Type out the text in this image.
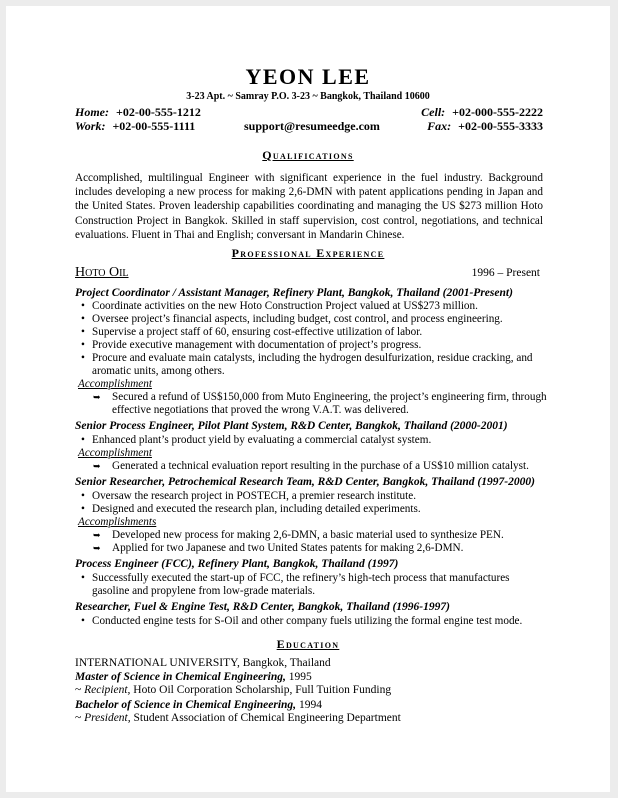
YEON LEE
3-23 Apt. ~ Samray P.O. 3-23 ~ Bangkok, Thailand 10600
Home: +02-00-555-1212
Work: +02-00-555-1111	support@resumeedge.com
Cell: +02-000-555-2222
Fax: +02-00-555-3333
Qualifications
Accomplished, multilingual Engineer with significant experience in the fuel industry. Background includes developing a new process for making 2,6-DMN with patent applications pending in Japan and the United States. Proven leadership capabilities coordinating and managing the US $273 million Hoto Construction Project in Bangkok. Skilled in staff supervision, cost control, negotiations, and technical evaluations. Fluent in Thai and English; conversant in Mandarin Chinese.
Professional Experience
Hoto Oil	1996 – Present
Project Coordinator / Assistant Manager, Refinery Plant, Bangkok, Thailand (2001-Present)
• Coordinate activities on the new Hoto Construction Project valued at US$273 million.
• Oversee project’s financial aspects, including budget, cost control, and process engineering.
• Supervise a project staff of 60, ensuring cost-effective utilization of labor.
• Provide executive management with documentation of project’s progress.
• Procure and evaluate main catalysts, including the hydrogen desulfurization, residue cracking, and
aromatic units, among others.
Accomplishment
➥ Secured a refund of US$150,000 from Muto Engineering, the project’s engineering firm, through
effective negotiations that proved the wrong V.A.T. was delivered.
Senior Process Engineer, Pilot Plant System, R&D Center, Bangkok, Thailand (2000-2001)
• Enhanced plant’s product yield by evaluating a commercial catalyst system.
Accomplishment
➥ Generated a technical evaluation report resulting in the purchase of a US$10 million catalyst.
Senior Researcher, Petrochemical Research Team, R&D Center, Bangkok, Thailand (1997-2000)
• Oversaw the research project in POSTECH, a premier research institute.
• Designed and executed the research plan, including detailed experiments.
Accomplishments
➥ Developed new process for making 2,6-DMN, a basic material used to synthesize PEN.
➥ Applied for two Japanese and two United States patents for making 2,6-DMN.
Process Engineer (FCC), Refinery Plant, Bangkok, Thailand (1997)
• Successfully executed the start-up of FCC, the refinery’s high-tech process that manufactures
gasoline and propylene from low-grade materials.
Researcher, Fuel & Engine Test, R&D Center, Bangkok, Thailand (1996-1997)
• Conducted engine tests for S-Oil and other company fuels utilizing the formal engine test mode.
Education
INTERNATIONAL UNIVERSITY, Bangkok, Thailand
Master of Science in Chemical Engineering, 1995
~ Recipient, Hoto Oil Corporation Scholarship, Full Tuition Funding
Bachelor of Science in Chemical Engineering, 1994
~ President, Student Association of Chemical Engineering Department
